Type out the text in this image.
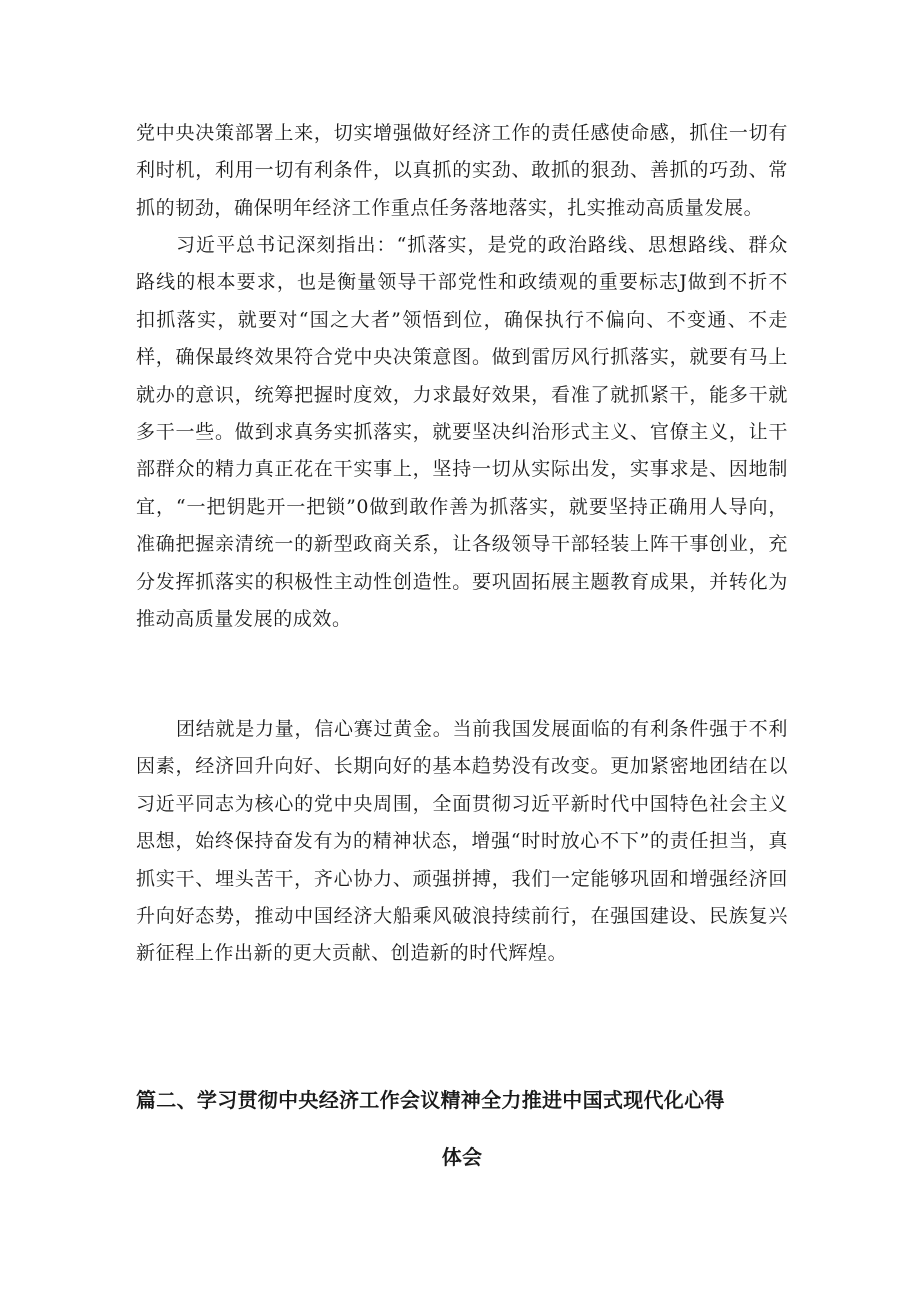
党中央决策部署上来，切实增强做好经济工作的责任感使命感，抓住一切有利时机，利用一切有利条件，以真抓的实劲、敢抓的狠劲、善抓的巧劲、常抓的韧劲，确保明年经济工作重点任务落地落实，扎实推动高质量发展。

习近平总书记深刻指出：“抓落实，是党的政治路线、思想路线、群众路线的根本要求，也是衡量领导干部党性和政绩观的重要标志J做到不折不扣抓落实，就要对“国之大者”领悟到位，确保执行不偏向、不变通、不走样，确保最终效果符合党中央决策意图。做到雷厉风行抓落实，就要有马上就办的意识，统筹把握时度效，力求最好效果，看准了就抓紧干，能多干就多干一些。做到求真务实抓落实，就要坚决纠治形式主义、官僚主义，让干部群众的精力真正花在干实事上，坚持一切从实际出发，实事求是、因地制宜，“一把钥匙开一把锁”0做到敢作善为抓落实，就要坚持正确用人导向，准确把握亲清统一的新型政商关系，让各级领导干部轻装上阵干事创业，充分发挥抓落实的积极性主动性创造性。要巩固拓展主题教育成果，并转化为推动高质量发展的成效。

团结就是力量，信心赛过黄金。当前我国发展面临的有利条件强于不利因素，经济回升向好、长期向好的基本趋势没有改变。更加紧密地团结在以习近平同志为核心的党中央周围，全面贯彻习近平新时代中国特色社会主义思想，始终保持奋发有为的精神状态，增强“时时放心不下”的责任担当，真抓实干、埋头苦干，齐心协力、顽强拼搏，我们一定能够巩固和增强经济回升向好态势，推动中国经济大船乘风破浪持续前行，在强国建设、民族复兴新征程上作出新的更大贡献、创造新的时代辉煌。

篇二、学习贯彻中央经济工作会议精神全力推进中国式现代化心得
体会
